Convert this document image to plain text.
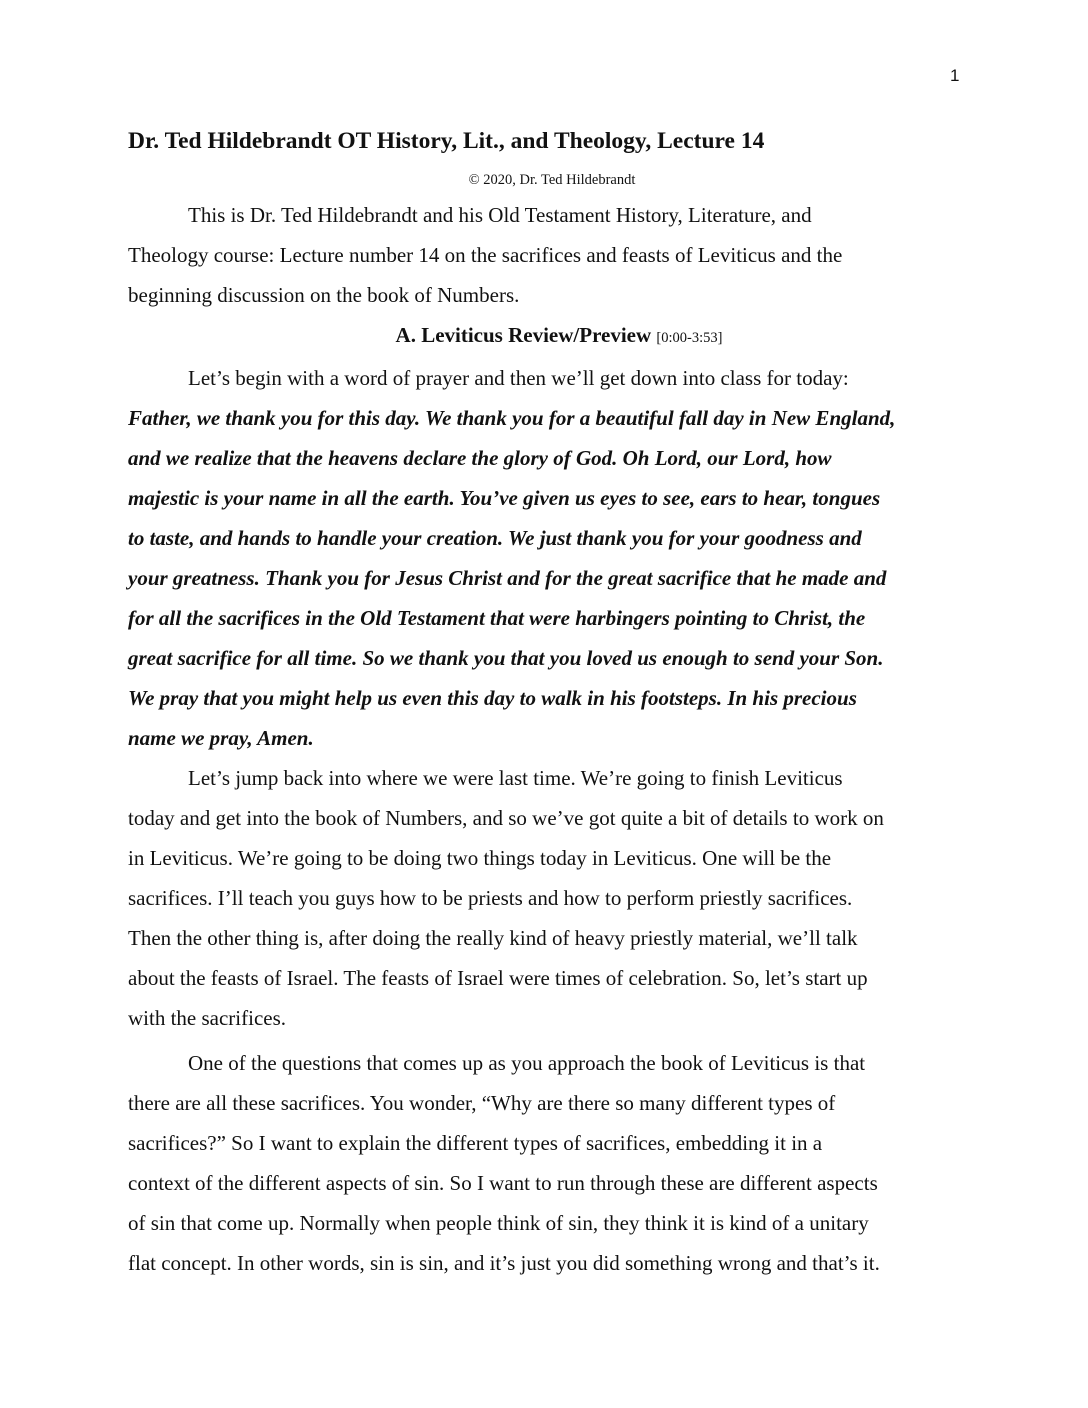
1
Dr. Ted Hildebrandt OT History, Lit., and Theology, Lecture 14
© 2020, Dr. Ted Hildebrandt

This is Dr. Ted Hildebrandt and his Old Testament History, Literature, and
Theology course: Lecture number 14 on the sacrifices and feasts of Leviticus and the
beginning discussion on the book of Numbers.

A. Leviticus Review/Preview [0:00-3:53]

Let’s begin with a word of prayer and then we’ll get down into class for today:
Father, we thank you for this day. We thank you for a beautiful fall day in New England,
and we realize that the heavens declare the glory of God. Oh Lord, our Lord, how
majestic is your name in all the earth. You’ve given us eyes to see, ears to hear, tongues
to taste, and hands to handle your creation. We just thank you for your goodness and
your greatness. Thank you for Jesus Christ and for the great sacrifice that he made and
for all the sacrifices in the Old Testament that were harbingers pointing to Christ, the
great sacrifice for all time. So we thank you that you loved us enough to send your Son.
We pray that you might help us even this day to walk in his footsteps. In his precious
name we pray, Amen.

Let’s jump back into where we were last time. We’re going to finish Leviticus
today and get into the book of Numbers, and so we’ve got quite a bit of details to work on
in Leviticus. We’re going to be doing two things today in Leviticus. One will be the
sacrifices. I’ll teach you guys how to be priests and how to perform priestly sacrifices.
Then the other thing is, after doing the really kind of heavy priestly material, we’ll talk
about the feasts of Israel. The feasts of Israel were times of celebration. So, let’s start up
with the sacrifices.

One of the questions that comes up as you approach the book of Leviticus is that
there are all these sacrifices. You wonder, “Why are there so many different types of
sacrifices?” So I want to explain the different types of sacrifices, embedding it in a
context of the different aspects of sin. So I want to run through these are different aspects
of sin that come up. Normally when people think of sin, they think it is kind of a unitary
flat concept. In other words, sin is sin, and it’s just you did something wrong and that’s it.
